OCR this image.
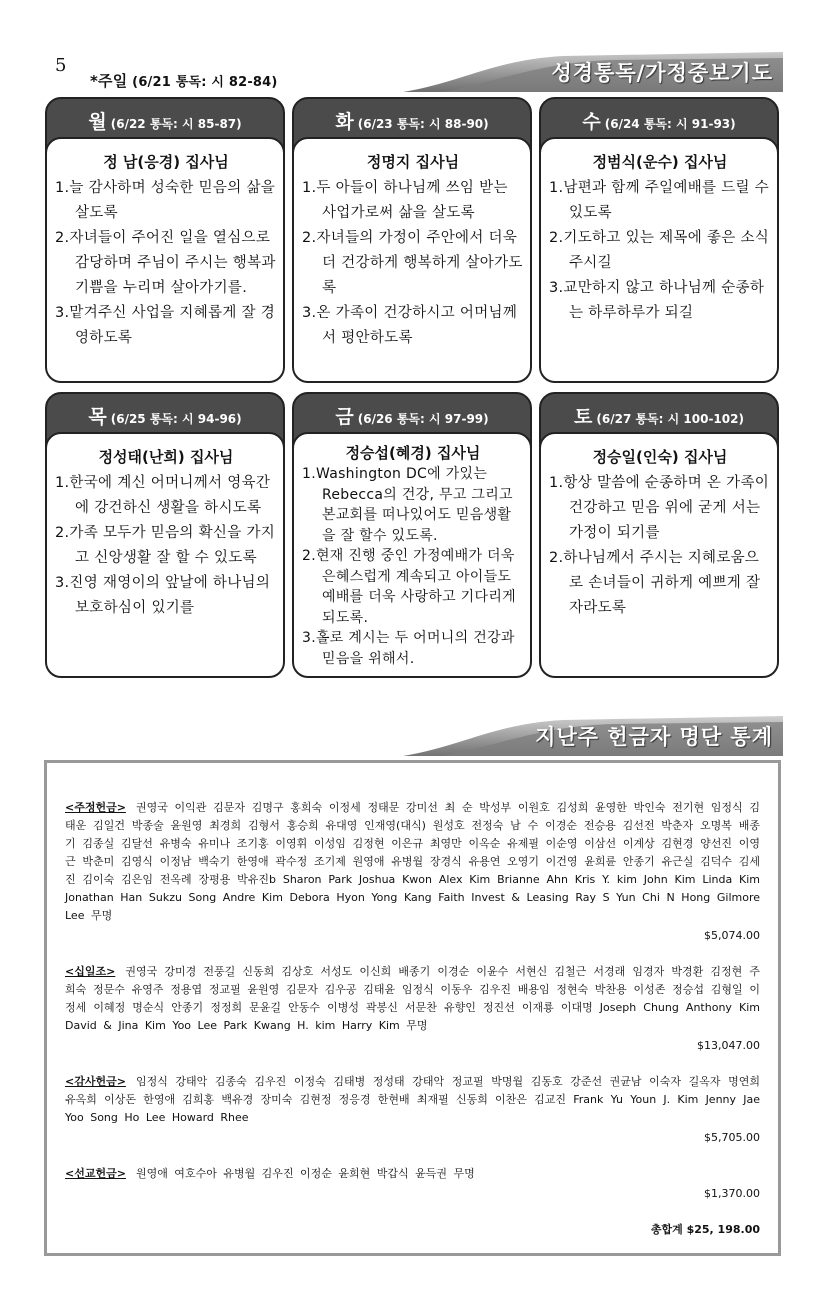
5
*주일 (6/21 통독: 시 82-84)	성경통독/가정중보기도
월 (6/22 통독: 시 85-87)
정 남(응경) 집사님
1.늘 감사하며 성숙한 믿음의 삶을 살도록
2.자녀들이 주어진 일을 열심으로 감당하며 주님이 주시는 행복과 기쁨을 누리며 살아가기를.
3.맡겨주신 사업을 지혜롭게 잘 경영하도록
화 (6/23 통독: 시 88-90)
정명지 집사님
1.두 아들이 하나님께 쓰임 받는 사업가로써 삶을 살도록
2.자녀들의 가정이 주안에서 더욱더 건강하게 행복하게 살아가도록
3.온 가족이 건강하시고 어머님께서 평안하도록
수 (6/24 통독: 시 91-93)
정범식(운수) 집사님
1.남편과 함께 주일예배를 드릴 수 있도록
2.기도하고 있는 제목에 좋은 소식 주시길
3.교만하지 않고 하나님께 순종하는 하루하루가 되길
목 (6/25 통독: 시 94-96)
정성태(난희) 집사님
1.한국에 계신 어머니께서 영육간에 강건하신 생활을 하시도록
2.가족 모두가 믿음의 확신을 가지고 신앙생활 잘 할 수 있도록
3.진영 재영이의 앞날에 하나님의 보호하심이 있기를
금 (6/26 통독: 시 97-99)
정승섭(혜경) 집사님
1.Washington DC에 가있는 Rebecca의 건강, 무고 그리고 본교회를 떠나있어도 믿음생활을 잘 할수 있도록.
2.현재 진행 중인 가정예배가 더욱 은혜스럽게 계속되고 아이들도 예배를 더욱 사랑하고 기다리게 되도록.
3.홀로 계시는 두 어머니의 건강과 믿음을 위해서.
토 (6/27 통독: 시 100-102)
정승일(인숙) 집사님
1.항상 말씀에 순종하며 온 가족이 건강하고 믿음 위에 굳게 서는 가정이 되기를
2.하나님께서 주시는 지혜로움으로 손녀들이 귀하게 예쁘게 잘 자라도록
지난주 헌금자 명단 통계
<주정헌금> 권영국 이익관 김문자 김명구 홍희숙 이정세 정태문 강미선 최 순 박성부 이원호 김성희 윤영한 박인숙 전기현 임정식 김태운 김일건 박종술 윤원영 최경희 김형서 홍승희 유대영 인재영(대식) 원성호 전정숙 남 수 이경순 전승용 김선전 박춘자 오명복 배종기 김종실 김달선 유병숙 유미나 조기홍 이영휘 이성임 김정현 이은규 최영만 이옥순 유제필 이순영 이삼선 이계상 김현경 양선진 이영근 박춘미 김영식 이정남 백숙기 한영애 곽수정 조기제 원영애 유병월 장경식 유용연 오영기 이건영 윤희륜 안종기 유근실 김덕수 김세진 김이숙 김은임 전옥례 장평용 박유진b Sharon Park Joshua Kwon Alex Kim Brianne Ahn Kris Y. kim John Kim Linda Kim Jonathan Han Sukzu Song Andre Kim Debora Hyon Yong Kang Faith Invest & Leasing Ray S Yun Chi N Hong Gilmore Lee 무명
$5,074.00
<십일조> 권영국 강미경 전풍길 신동희 김상호 서성도 이신희 배종기 이경순 이윤수 서현신 김철근 서경래 임경자 박경환 김정현 주희숙 정문수 유영주 정용엽 정교필 윤원영 김문자 김우공 김태윤 임정식 이동우 김우진 배용임 정현숙 박찬용 이성존 정승섭 김형일 이정세 이혜정 명순식 안종기 정정희 문윤길 안동수 이병성 곽봉신 서문찬 유향인 정진선 이재룡 이대명 Joseph Chung Anthony Kim David & Jina Kim Yoo Lee Park Kwang H. kim Harry Kim 무명
$13,047.00
<감사헌금> 임정식 강태악 김종숙 김우진 이정숙 김태병 정성태 강태악 정교필 박명월 김동호 강준선 권균남 이숙자 길옥자 명연희 유옥희 이상돈 한영애 김희홍 백유경 장미숙 김현정 정응경 한현배 최재필 신동희 이찬은 김교진 Frank Yu Youn J. Kim Jenny Jae Yoo Song Ho Lee Howard Rhee
$5,705.00
<선교헌금> 원영애 여호수아 유병월 김우진 이정순 윤희현 박갑식 윤득권 무명
$1,370.00
총합계 $25, 198.00
